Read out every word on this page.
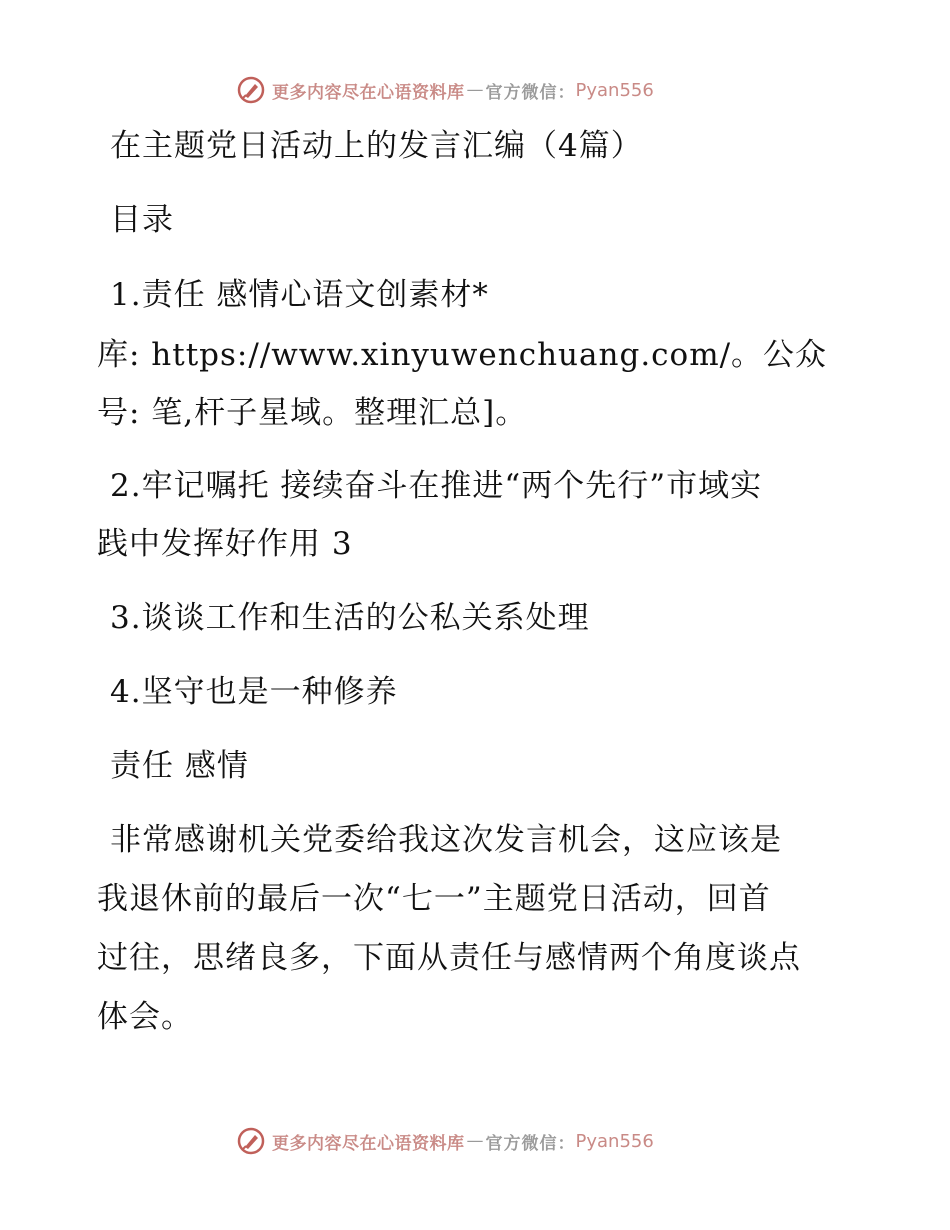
更多内容尽在心语资料库 — 官方微信： Pyan556
在主题党日活动上的发言汇编（4篇）
目录
1.责任 感情心语文创素材*
库: https://www.xinyuwenchuang.com/。公众
号: 笔,杆子星域。整理汇总]。
2.牢记嘱托 接续奋斗在推进“两个先行”市域实
践中发挥好作用 3
3.谈谈工作和生活的公私关系处理
4.坚守也是一种修养
责任 感情
非常感谢机关党委给我这次发言机会，这应该是
我退休前的最后一次“七一”主题党日活动，回首
过往，思绪良多，下面从责任与感情两个角度谈点
体会。
更多内容尽在心语资料库 — 官方微信： Pyan556
